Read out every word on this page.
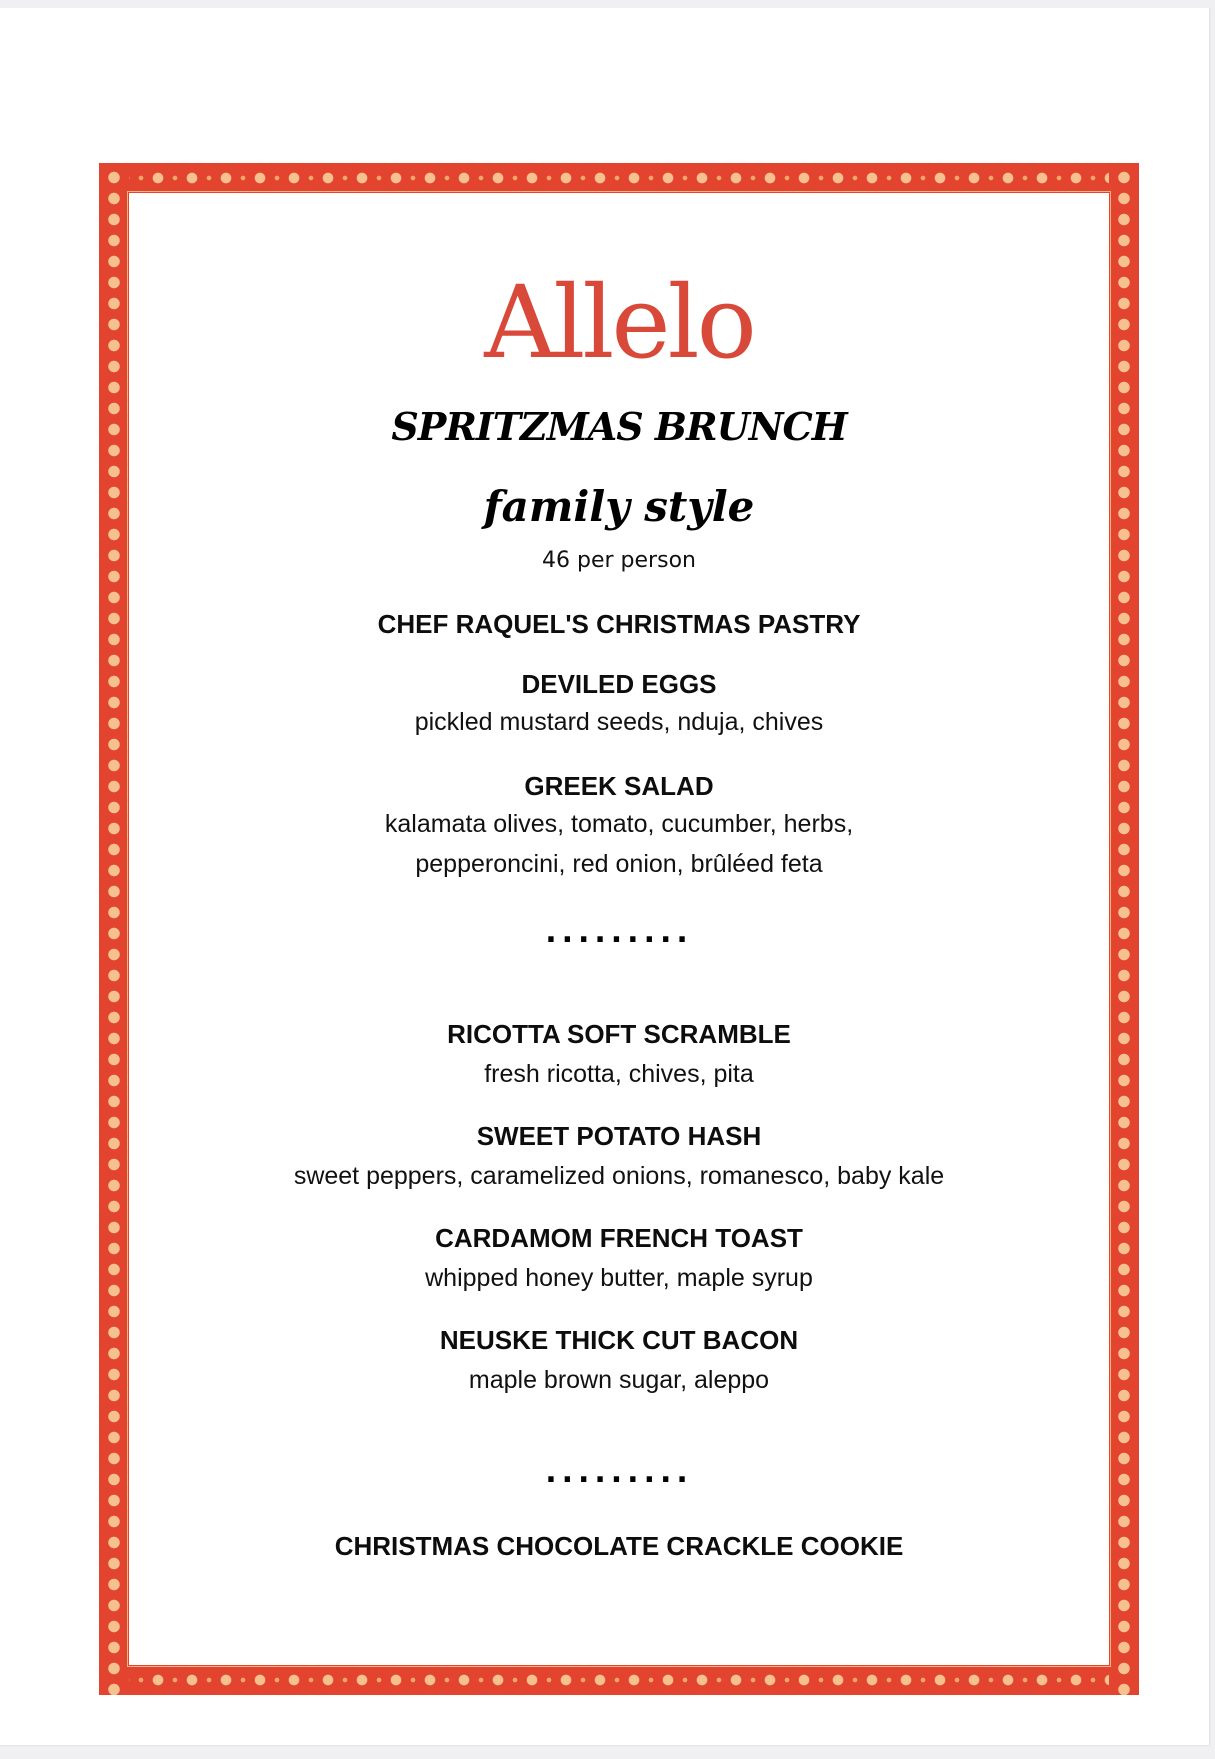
Allelo
SPRITZMAS BRUNCH
family style
46 per person
CHEF RAQUEL'S CHRISTMAS PASTRY
DEVILED EGGS
pickled mustard seeds, nduja, chives
GREEK SALAD
kalamata olives, tomato, cucumber, herbs,
pepperoncini, red onion, brûléed feta
.........
RICOTTA SOFT SCRAMBLE
fresh ricotta, chives, pita
SWEET POTATO HASH
sweet peppers, caramelized onions, romanesco, baby kale
CARDAMOM FRENCH TOAST
whipped honey butter, maple syrup
NEUSKE THICK CUT BACON
maple brown sugar, aleppo
.........
CHRISTMAS CHOCOLATE CRACKLE COOKIE
